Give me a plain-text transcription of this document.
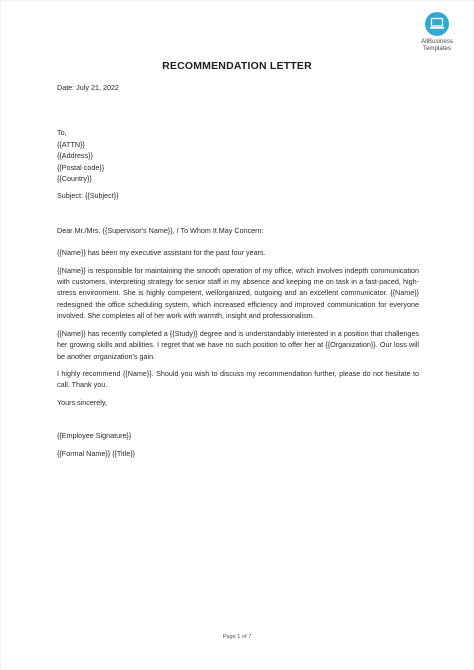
AllBusiness
Templates
RECOMMENDATION LETTER

Date: July 21, 2022

To,

{{ATTN}}

{{Address}}

{{Postal code}}

{{Country}}

Subject: {{Subject}}

Dear Mr./Mrs. {{Supervisor's Name}}, / To Whom It May Concern:

{{Name}} has been my executive assistant for the past four years.

{{Name}} is responsible for maintaining the smooth operation of my office, which involves indepth communication with customers, interpreting strategy for senior staff in my absence and keeping me on task in a fast-paced, high-stress environment. She is highly competent, wellorganized, outgoing and an excellent communicator. {{Name}} redesigned the office scheduling system, which increased efficiency and improved communication for everyone involved. She completes all of her work with warmth, insight and professionalism.

{{Name}} has recently completed a {{Study}} degree and is understandably interested in a position that challenges her growing skills and abilities. I regret that we have no such position to offer her at {{Organization}}. Our loss will be another organization's gain.

I highly recommend {{Name}}. Should you wish to discuss my recommendation further, please do not hesitate to call. Thank you.

Yours sincerely,

{{Employee Signature}}

{{Formal Name}} {{Title}}

Page 1 of 7
